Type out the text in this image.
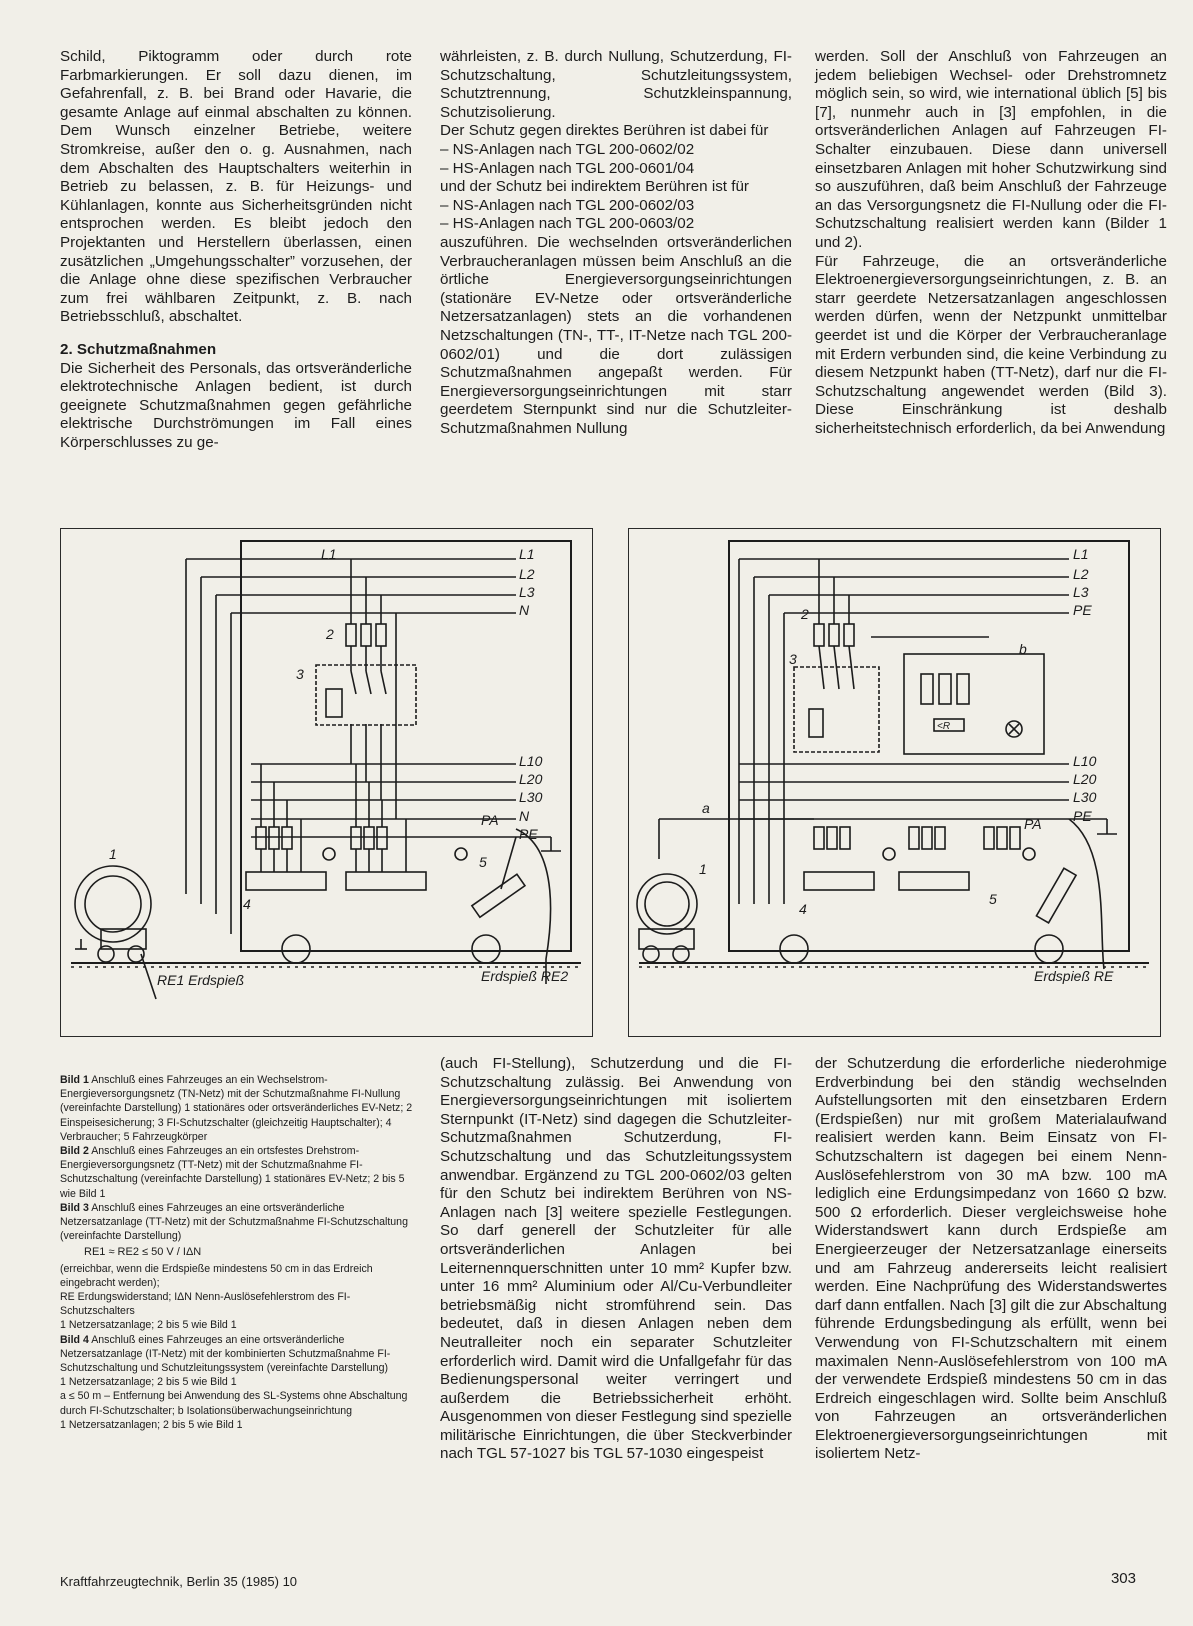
Schild, Piktogramm oder durch rote Farbmarkierungen. Er soll dazu dienen, im Gefahrenfall, z. B. bei Brand oder Havarie, die gesamte Anlage auf einmal abschalten zu können. Dem Wunsch einzelner Betriebe, weitere Stromkreise, außer den o. g. Ausnahmen, nach dem Abschalten des Hauptschalters weiterhin in Betrieb zu belassen, z. B. für Heizungs- und Kühlanlagen, konnte aus Sicherheitsgründen nicht entsprochen werden. Es bleibt jedoch den Projektanten und Herstellern überlassen, einen zusätzlichen „Umgehungsschalter” vorzusehen, der die Anlage ohne diese spezifischen Verbraucher zum frei wählbaren Zeitpunkt, z. B. nach Betriebsschluß, abschaltet.

2. Schutzmaßnahmen

Die Sicherheit des Personals, das ortsveränderliche elektrotechnische Anlagen bedient, ist durch geeignete Schutzmaßnahmen gegen gefährliche elektrische Durchströmungen im Fall eines Körperschlusses zu ge-

währleisten, z. B. durch Nullung, Schutzerdung, FI-Schutzschaltung, Schutzleitungssystem, Schutztrennung, Schutzkleinspannung, Schutzisolierung.

Der Schutz gegen direktes Berühren ist dabei für

– NS-Anlagen nach TGL 200-0602/02
– HS-Anlagen nach TGL 200-0601/04

und der Schutz bei indirektem Berühren ist für

– NS-Anlagen nach TGL 200-0602/03
– HS-Anlagen nach TGL 200-0603/02

auszuführen. Die wechselnden ortsveränderlichen Verbraucheranlagen müssen beim Anschluß an die örtliche Energieversorgungseinrichtungen (stationäre EV-Netze oder ortsveränderliche Netzersatzanlagen) stets an die vorhandenen Netzschaltungen (TN-, TT-, IT-Netze nach TGL 200-0602/01) und die dort zulässigen Schutzmaßnahmen angepaßt werden. Für Energieversorgungseinrichtungen mit starr geerdetem Sternpunkt sind nur die Schutzleiter-Schutzmaßnahmen Nullung

werden. Soll der Anschluß von Fahrzeugen an jedem beliebigen Wechsel- oder Drehstromnetz möglich sein, so wird, wie international üblich [5] bis [7], nunmehr auch in [3] empfohlen, in die ortsveränderlichen Anlagen auf Fahrzeugen FI-Schalter einzubauen. Diese dann universell einsetzbaren Anlagen mit hoher Schutzwirkung sind so auszuführen, daß beim Anschluß der Fahrzeuge an das Versorgungsnetz die FI-Nullung oder die FI-Schutzschaltung realisiert werden kann (Bilder 1 und 2).

Für Fahrzeuge, die an ortsveränderliche Elektroenergieversorgungseinrichtungen, z. B. an starr geerdete Netzersatzanlagen angeschlossen werden dürfen, wenn der Netzpunkt unmittelbar geerdet ist und die Körper der Verbraucheranlage mit Erdern verbunden sind, die keine Verbindung zu diesem Netzpunkt haben (TT-Netz), darf nur die FI-Schutzschaltung angewendet werden (Bild 3). Diese Einschränkung ist deshalb sicherheitstechnisch erforderlich, da bei Anwendung

L1	L1
L2
L3
N
L10
L20
L30
N
PE
1
2
3
4
5
PA
RE1 Erdspieß	Erdspieß RE2
L1
L2
L3
PE
L10
L20
L30
PE
1
2
3
4
5
b
a
PA
<R
Erdspieß RE

Bild 1 Anschluß eines Fahrzeuges an ein Wechselstrom-Energieversorgungsnetz (TN-Netz) mit der Schutzmaßnahme FI-Nullung (vereinfachte Darstellung) 1 stationäres oder ortsveränderliches EV-Netz; 2 Einspeisesicherung; 3 FI-Schutzschalter (gleichzeitig Hauptschalter); 4 Verbraucher; 5 Fahrzeugkörper

Bild 2 Anschluß eines Fahrzeuges an ein ortsfestes Drehstrom-Energieversorgungsnetz (TT-Netz) mit der Schutzmaßnahme FI-Schutzschaltung (vereinfachte Darstellung) 1 stationäres EV-Netz; 2 bis 5 wie Bild 1

Bild 3 Anschluß eines Fahrzeuges an eine ortsveränderliche Netzersatzanlage (TT-Netz) mit der Schutzmaßnahme FI-Schutzschaltung (vereinfachte Darstellung)

RE1 ≈ RE2 ≤ 50 V / IΔN

(erreichbar, wenn die Erdspieße mindestens 50 cm in das Erdreich eingebracht werden);

RE Erdungswiderstand; IΔN Nenn-Auslösefehlerstrom des FI-Schutzschalters

1 Netzersatzanlage; 2 bis 5 wie Bild 1

Bild 4 Anschluß eines Fahrzeuges an eine ortsveränderliche Netzersatzanlage (IT-Netz) mit der kombinierten Schutzmaßnahme FI-Schutzschaltung und Schutzleitungssystem (vereinfachte Darstellung)

1 Netzersatzanlage; 2 bis 5 wie Bild 1

a ≤ 50 m – Entfernung bei Anwendung des SL-Systems ohne Abschaltung durch FI-Schutzschalter; b Isolationsüberwachungseinrichtung

1 Netzersatzanlagen; 2 bis 5 wie Bild 1

(auch FI-Stellung), Schutzerdung und die FI-Schutzschaltung zulässig. Bei Anwendung von Energieversorgungseinrichtungen mit isoliertem Sternpunkt (IT-Netz) sind dagegen die Schutzleiter-Schutzmaßnahmen Schutzerdung, FI-Schutzschaltung und das Schutzleitungssystem anwendbar. Ergänzend zu TGL 200-0602/03 gelten für den Schutz bei indirektem Berühren von NS-Anlagen nach [3] weitere spezielle Festlegungen. So darf generell der Schutzleiter für alle ortsveränderlichen Anlagen bei Leiternennquerschnitten unter 10 mm² Kupfer bzw. unter 16 mm² Aluminium oder Al/Cu-Verbundleiter betriebsmäßig nicht stromführend sein. Das bedeutet, daß in diesen Anlagen neben dem Neutralleiter noch ein separater Schutzleiter erforderlich wird. Damit wird die Unfallgefahr für das Bedienungspersonal weiter verringert und außerdem die Betriebssicherheit erhöht. Ausgenommen von dieser Festlegung sind spezielle militärische Einrichtungen, die über Steckverbinder nach TGL 57-1027 bis TGL 57-1030 eingespeist

der Schutzerdung die erforderliche niederohmige Erdverbindung bei den ständig wechselnden Aufstellungsorten mit den einsetzbaren Erdern (Erdspießen) nur mit großem Materialaufwand realisiert werden kann. Beim Einsatz von FI-Schutzschaltern ist dagegen bei einem Nenn-Auslösefehlerstrom von 30 mA bzw. 100 mA lediglich eine Erdungsimpedanz von 1660 Ω bzw. 500 Ω erforderlich. Dieser vergleichsweise hohe Widerstandswert kann durch Erdspieße am Energieerzeuger der Netzersatzanlage einerseits und am Fahrzeug andererseits leicht realisiert werden. Eine Nachprüfung des Widerstandswertes darf dann entfallen. Nach [3] gilt die zur Abschaltung führende Erdungsbedingung als erfüllt, wenn bei Verwendung von FI-Schutzschaltern mit einem maximalen Nenn-Auslösefehlerstrom von 100 mA der verwendete Erdspieß mindestens 50 cm in das Erdreich eingeschlagen wird. Sollte beim Anschluß von Fahrzeugen an ortsveränderlichen Elektroenergieversorgungseinrichtungen mit isoliertem Netz-

Kraftfahrzeugtechnik, Berlin 35 (1985) 10	303
